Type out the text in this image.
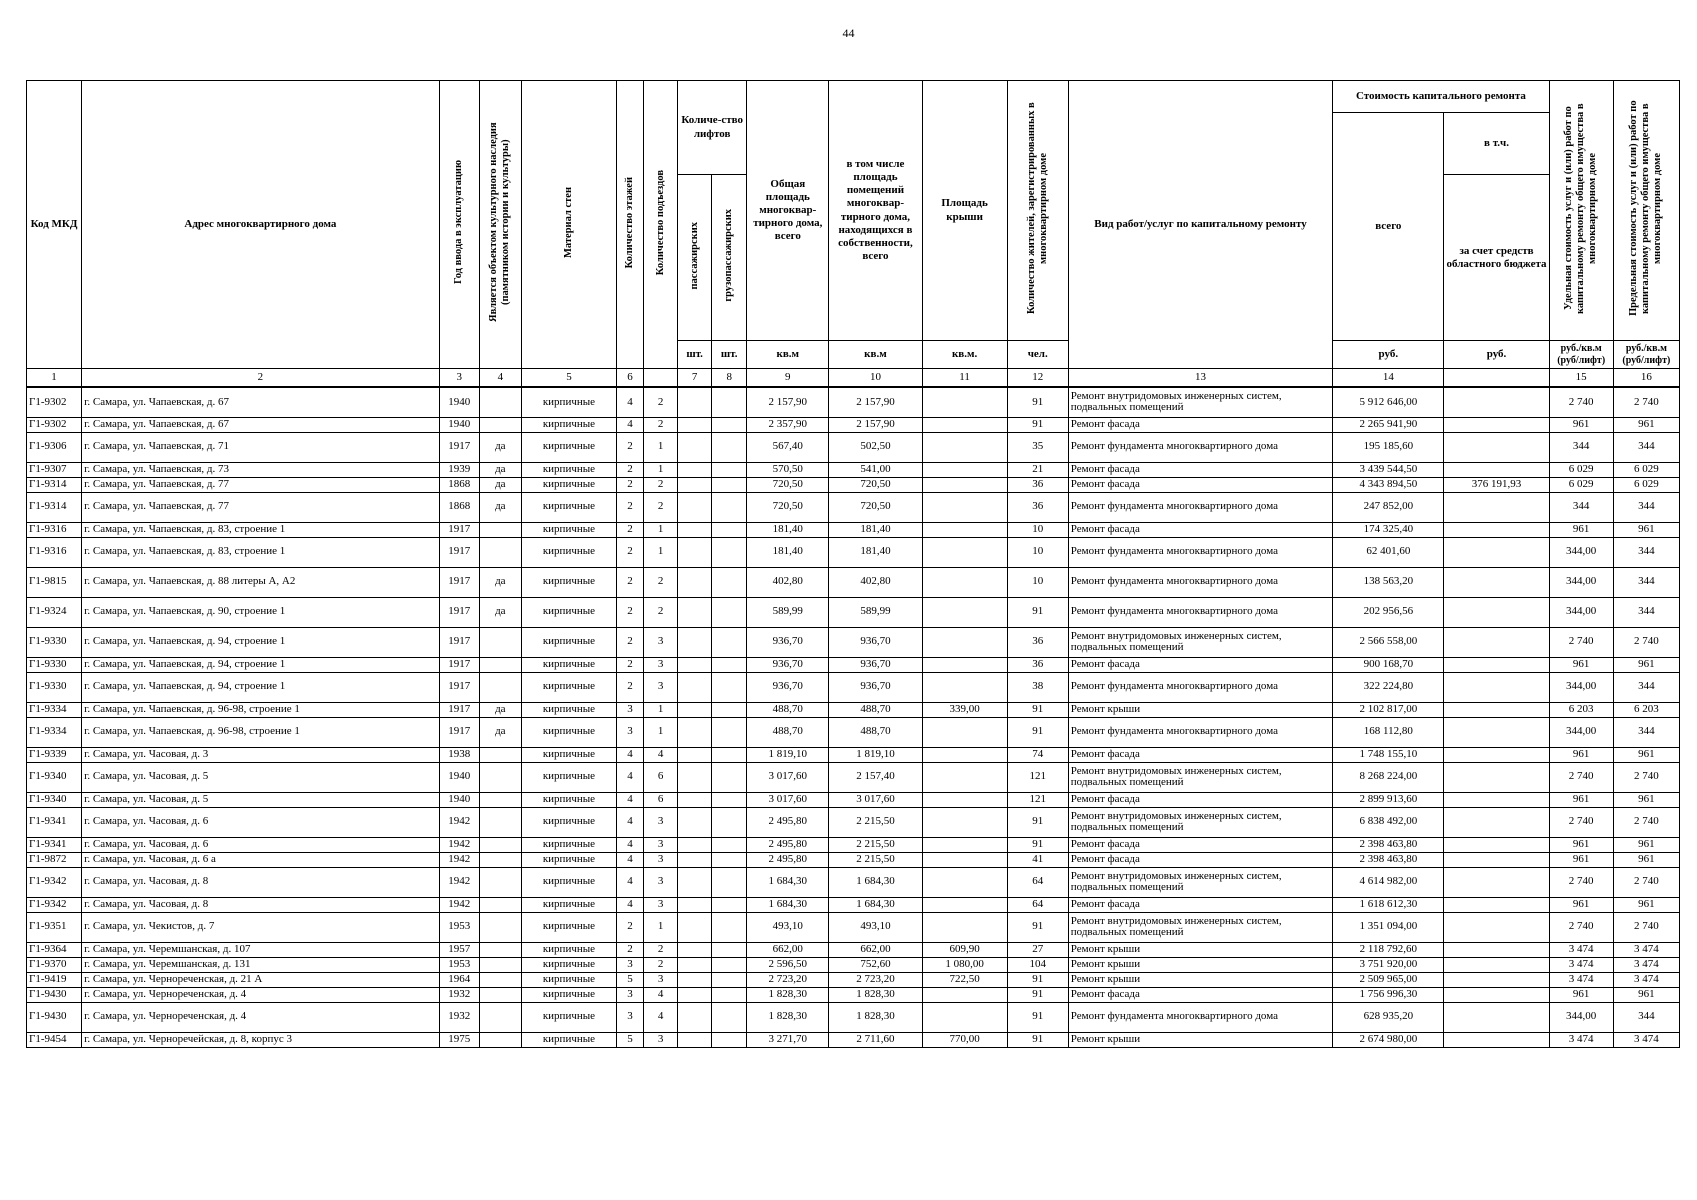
44
Код МКД	Адрес многоквартирного дома	Год ввода в эксплуатацию	Является объектом культурного наследия (памятником истории и культуры)	Материал стен	Количество этажей	Количество подъездов	Количе-ство лифтов		Общая площадь многоквар-тирного дома, всего	в том числе площадь помещений многоквар-тирного дома, находящихся в собственности, всего	Площадь крыши	Количество жителей, зарегистрированных в многоквартирном доме	Вид работ/услуг по капитальному ремонту	Стоимость капитального ремонта		Удельная стоимость услуг и (или) работ по капитальному ремонту общего имущества в многоквартирном доме	Предельная стоимость услуг и (или) работ по капитальному ремонту общего имущества в многоквартирном доме
														всего	в т.ч.		
							пассажирских	грузопассажирских							за счет средств областного бюджета		
							шт.	шт.	кв.м	кв.м	кв.м.	чел.		руб.	руб.	руб./кв.м (руб/лифт)	руб./кв.м (руб/лифт)
1	2	3	4	5	6		7	8	9	10	11	12	13	14		15	16
Г1-9302	г. Самара, ул. Чапаевская, д. 67	1940		кирпичные	4	2			2 157,90	2 157,90		91	Ремонт внутридомовых инженерных систем, подвальных помещений	5 912 646,00		2 740	2 740
Г1-9302	г. Самара, ул. Чапаевская, д. 67	1940		кирпичные	4	2			2 357,90	2 157,90		91	Ремонт фасада	2 265 941,90		961	961
Г1-9306	г. Самара, ул. Чапаевская, д. 71	1917	да	кирпичные	2	1			567,40	502,50		35	Ремонт фундамента многоквартирного дома	195 185,60		344	344
Г1-9307	г. Самара, ул. Чапаевская, д. 73	1939	да	кирпичные	2	1			570,50	541,00		21	Ремонт фасада	3 439 544,50		6 029	6 029
Г1-9314	г. Самара, ул. Чапаевская, д. 77	1868	да	кирпичные	2	2			720,50	720,50		36	Ремонт фасада	4 343 894,50	376 191,93	6 029	6 029
Г1-9314	г. Самара, ул. Чапаевская, д. 77	1868	да	кирпичные	2	2			720,50	720,50		36	Ремонт фундамента многоквартирного дома	247 852,00		344	344
Г1-9316	г. Самара, ул. Чапаевская, д. 83, строение 1	1917		кирпичные	2	1			181,40	181,40		10	Ремонт фасада	174 325,40		961	961
Г1-9316	г. Самара, ул. Чапаевская, д. 83, строение 1	1917		кирпичные	2	1			181,40	181,40		10	Ремонт фундамента многоквартирного дома	62 401,60		344,00	344
Г1-9815	г. Самара, ул. Чапаевская, д. 88 литеры А, А2	1917	да	кирпичные	2	2			402,80	402,80		10	Ремонт фундамента многоквартирного дома	138 563,20		344,00	344
Г1-9324	г. Самара, ул. Чапаевская, д. 90, строение 1	1917	да	кирпичные	2	2			589,99	589,99		91	Ремонт фундамента многоквартирного дома	202 956,56		344,00	344
Г1-9330	г. Самара, ул. Чапаевская, д. 94, строение 1	1917		кирпичные	2	3			936,70	936,70		36	Ремонт внутридомовых инженерных систем, подвальных помещений	2 566 558,00		2 740	2 740
Г1-9330	г. Самара, ул. Чапаевская, д. 94, строение 1	1917		кирпичные	2	3			936,70	936,70		36	Ремонт фасада	900 168,70		961	961
Г1-9330	г. Самара, ул. Чапаевская, д. 94, строение 1	1917		кирпичные	2	3			936,70	936,70		38	Ремонт фундамента многоквартирного дома	322 224,80		344,00	344
Г1-9334	г. Самара, ул. Чапаевская, д. 96-98, строение 1	1917	да	кирпичные	3	1			488,70	488,70	339,00	91	Ремонт крыши	2 102 817,00		6 203	6 203
Г1-9334	г. Самара, ул. Чапаевская, д. 96-98, строение 1	1917	да	кирпичные	3	1			488,70	488,70		91	Ремонт фундамента многоквартирного дома	168 112,80		344,00	344
Г1-9339	г. Самара, ул. Часовая, д. 3	1938		кирпичные	4	4			1 819,10	1 819,10		74	Ремонт фасада	1 748 155,10		961	961
Г1-9340	г. Самара, ул. Часовая, д. 5	1940		кирпичные	4	6			3 017,60	2 157,40		121	Ремонт внутридомовых инженерных систем, подвальных помещений	8 268 224,00		2 740	2 740
Г1-9340	г. Самара, ул. Часовая, д. 5	1940		кирпичные	4	6			3 017,60	3 017,60		121	Ремонт фасада	2 899 913,60		961	961
Г1-9341	г. Самара, ул. Часовая, д. 6	1942		кирпичные	4	3			2 495,80	2 215,50		91	Ремонт внутридомовых инженерных систем, подвальных помещений	6 838 492,00		2 740	2 740
Г1-9341	г. Самара, ул. Часовая, д. 6	1942		кирпичные	4	3			2 495,80	2 215,50		91	Ремонт фасада	2 398 463,80		961	961
Г1-9872	г. Самара, ул. Часовая, д. 6 а	1942		кирпичные	4	3			2 495,80	2 215,50		41	Ремонт фасада	2 398 463,80		961	961
Г1-9342	г. Самара, ул. Часовая, д. 8	1942		кирпичные	4	3			1 684,30	1 684,30		64	Ремонт внутридомовых инженерных систем, подвальных помещений	4 614 982,00		2 740	2 740
Г1-9342	г. Самара, ул. Часовая, д. 8	1942		кирпичные	4	3			1 684,30	1 684,30		64	Ремонт фасада	1 618 612,30		961	961
Г1-9351	г. Самара, ул. Чекистов, д. 7	1953		кирпичные	2	1			493,10	493,10		91	Ремонт внутридомовых инженерных систем, подвальных помещений	1 351 094,00		2 740	2 740
Г1-9364	г. Самара, ул. Черемшанская, д. 107	1957		кирпичные	2	2			662,00	662,00	609,90	27	Ремонт крыши	2 118 792,60		3 474	3 474
Г1-9370	г. Самара, ул. Черемшанская, д. 131	1953		кирпичные	3	2			2 596,50	752,60	1 080,00	104	Ремонт крыши	3 751 920,00		3 474	3 474
Г1-9419	г. Самара, ул. Чернореченская, д. 21 А	1964		кирпичные	5	3			2 723,20	2 723,20	722,50	91	Ремонт крыши	2 509 965,00		3 474	3 474
Г1-9430	г. Самара, ул. Чернореченская, д. 4	1932		кирпичные	3	4			1 828,30	1 828,30		91	Ремонт фасада	1 756 996,30		961	961
Г1-9430	г. Самара, ул. Чернореченская, д. 4	1932		кирпичные	3	4			1 828,30	1 828,30		91	Ремонт фундамента многоквартирного дома	628 935,20		344,00	344
Г1-9454	г. Самара, ул. Черноречейская, д. 8, корпус 3	1975		кирпичные	5	3			3 271,70	2 711,60	770,00	91	Ремонт крыши	2 674 980,00		3 474	3 474
